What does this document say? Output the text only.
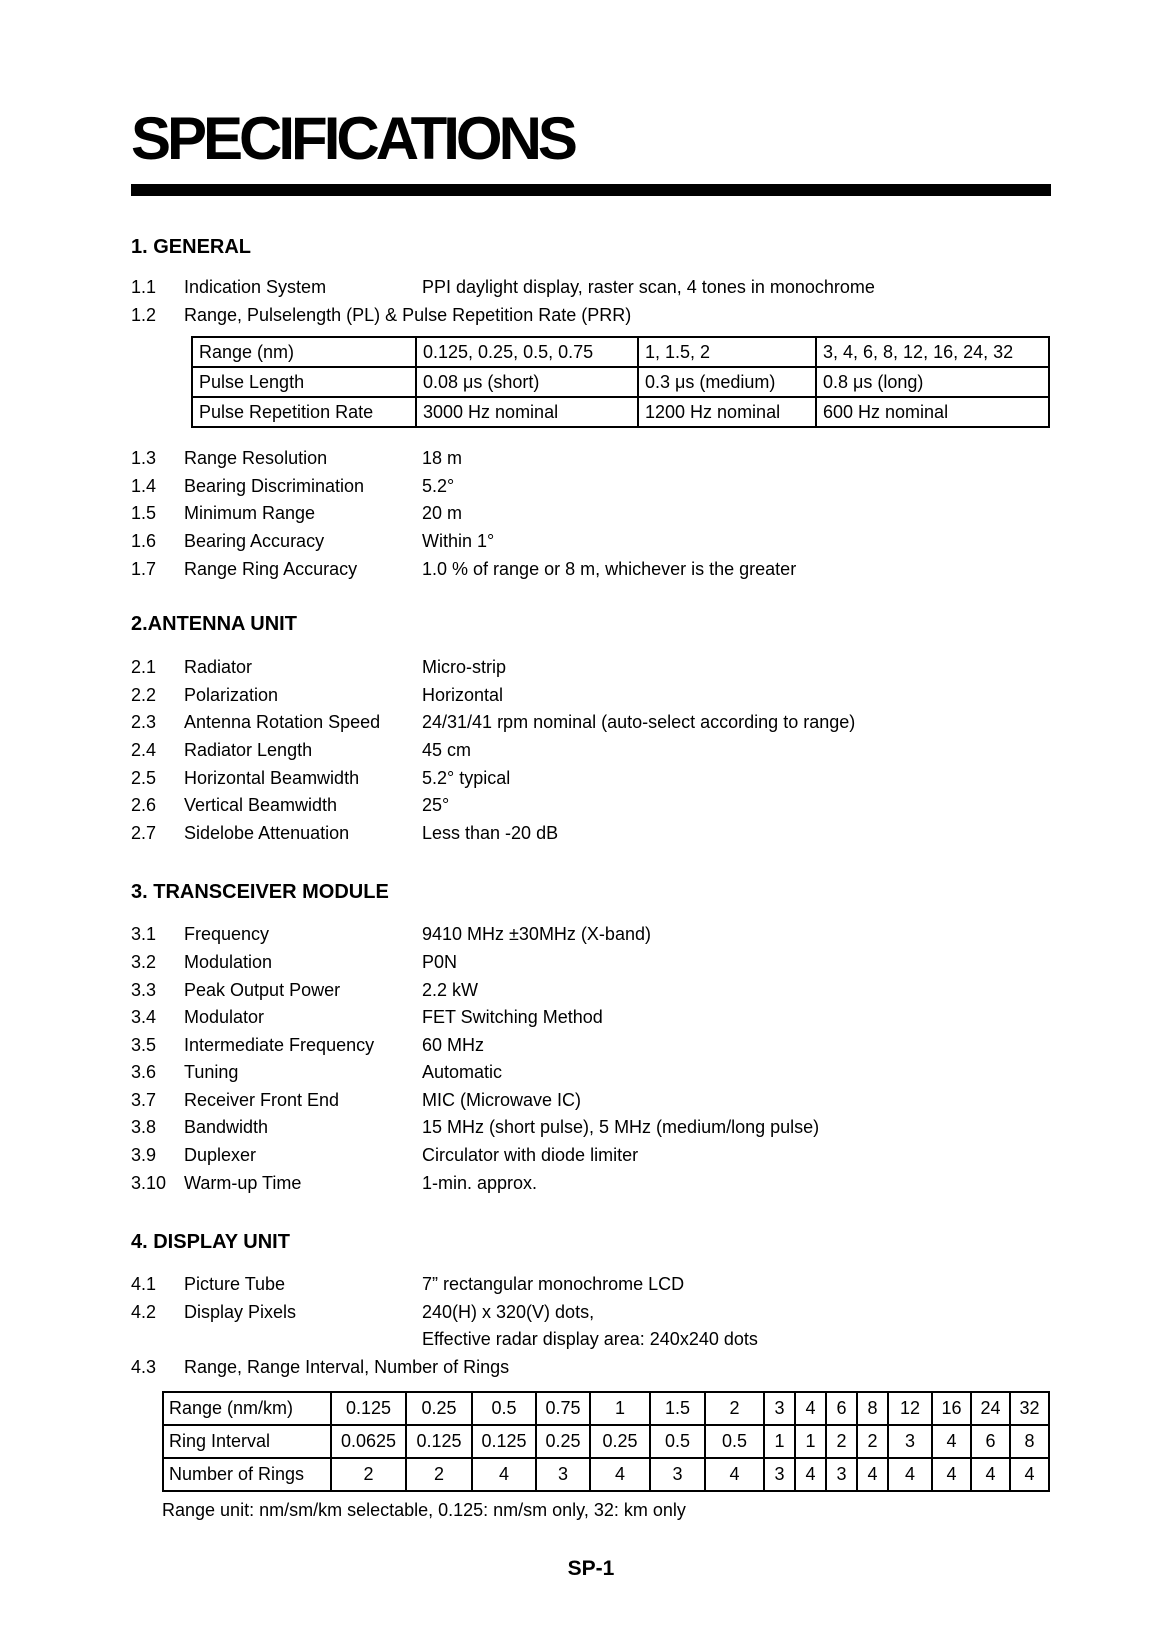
SPECIFICATIONS
1. GENERAL
1.1	Indication System	PPI daylight display, raster scan, 4 tones in monochrome
1.2	Range, Pulselength (PL) & Pulse Repetition Rate (PRR)
Range (nm)	0.125, 0.25, 0.5, 0.75	1, 1.5, 2	3, 4, 6, 8, 12, 16, 24, 32
Pulse Length	0.08 μs (short)	0.3 μs (medium)	0.8 μs (long)
Pulse Repetition Rate	3000 Hz nominal	1200 Hz nominal	600 Hz nominal
1.3	Range Resolution	18 m
1.4	Bearing Discrimination	5.2°
1.5	Minimum Range	20 m
1.6	Bearing Accuracy	Within 1°
1.7	Range Ring Accuracy	1.0 % of range or 8 m, whichever is the greater
2.ANTENNA UNIT
2.1	Radiator	Micro-strip
2.2	Polarization	Horizontal
2.3	Antenna Rotation Speed	24/31/41 rpm nominal (auto-select according to range)
2.4	Radiator Length	45 cm
2.5	Horizontal Beamwidth	5.2° typical
2.6	Vertical Beamwidth	25°
2.7	Sidelobe Attenuation	Less than -20 dB
3. TRANSCEIVER MODULE
3.1	Frequency	9410 MHz ±30MHz (X-band)
3.2	Modulation	P0N
3.3	Peak Output Power	2.2 kW
3.4	Modulator	FET Switching Method
3.5	Intermediate Frequency	60 MHz
3.6	Tuning	Automatic
3.7	Receiver Front End	MIC (Microwave IC)
3.8	Bandwidth	15 MHz (short pulse), 5 MHz (medium/long pulse)
3.9	Duplexer	Circulator with diode limiter
3.10 Warm-up Time	1-min. approx.
4. DISPLAY UNIT
4.1	Picture Tube	7” rectangular monochrome LCD
4.2	Display Pixels	240(H) x 320(V) dots,
Effective radar display area: 240x240 dots
4.3	Range, Range Interval, Number of Rings
Range (nm/km)	0.125	0.25	0.5	0.75	1	1.5	2	3	4	6	8	12	16	24	32
Ring Interval	0.0625	0.125	0.125	0.25	0.25	0.5	0.5	1	1	2	2	3	4	6	8
Number of Rings	2	2	4	3	4	3	4	3	4	3	4	4	4	4	4
Range unit: nm/sm/km selectable, 0.125: nm/sm only, 32: km only
SP-1
